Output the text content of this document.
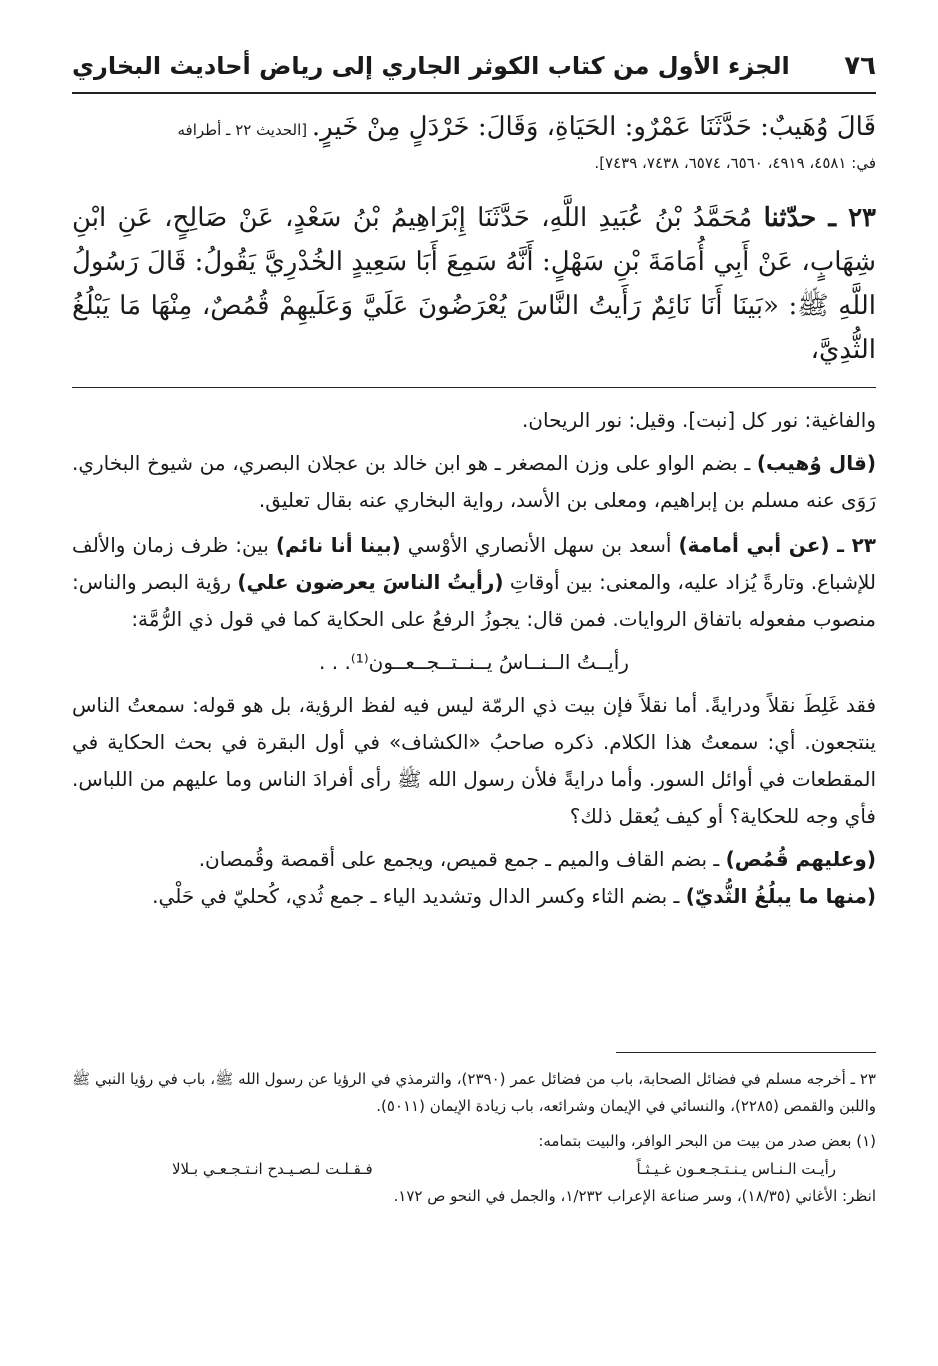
٧٦
الجزء الأول من كتاب الكوثر الجاري إلى رياض أحاديث البخاري
قَالَ وُهَيبٌ: حَدَّثَنَا عَمْرٌو: الحَيَاةِ، وَقَالَ: خَرْدَلٍ مِنْ خَيرٍ. [الحديث ٢٢ ـ أطرافه
في: ٤٥٨١، ٤٩١٩، ٦٥٦٠، ٦٥٧٤، ٧٤٣٨، ٧٤٣٩].
٢٣ ـ حدّثنا مُحَمَّدُ بْنُ عُبَيدِ اللَّهِ، حَدَّثَنَا إِبْرَاهِيمُ بْنُ سَعْدٍ، عَنْ صَالِحٍ، عَنِ ابْنِ شِهَابٍ، عَنْ أَبِي أُمَامَةَ بْنِ سَهْلٍ: أَنَّهُ سَمِعَ أَبَا سَعِيدٍ الخُدْرِيَّ يَقُولُ: قَالَ رَسُولُ اللَّهِ ﷺ: «بَينَا أَنَا نَائِمٌ رَأَيتُ النَّاسَ يُعْرَضُونَ عَلَيَّ وَعَلَيهِمْ قُمُصٌ، مِنْهَا مَا يَبْلُغُ الثُّدِيَّ،

والفاغية: نور كل [نبت]. وقيل: نور الريحان.

(قال وُهيب) ـ بضم الواو على وزن المصغر ـ هو ابن خالد بن عجلان البصري، من شيوخ البخاري. رَوَى عنه مسلم بن إبراهيم، ومعلى بن الأسد، رواية البخاري عنه بقال تعليق.

٢٣ ـ (عن أبي أمامة) أسعد بن سهل الأنصاري الأوْسي (بينا أنا نائم) بين: ظرف زمان والألف للإشباع. وتارةً يُزاد عليه، والمعنى: بين أوقاتِ (رأيتُ الناسَ يعرضون علي) رؤية البصر والناس: منصوب مفعوله باتفاق الروايات. فمن قال: يجوزُ الرفعُ على الحكاية كما في قول ذي الرُّمَّة:

رأيــتُ الــنــاسُ يــنــتــجــعــون⁽¹⁾. . .

فقد غَلِطَ نقلاً ودرايةً. أما نقلاً فإن بيت ذي الرمّة ليس فيه لفظ الرؤية، بل هو قوله: سمعتُ الناس ينتجعون. أي: سمعتُ هذا الكلام. ذكره صاحبُ «الكشاف» في أول البقرة في بحث الحكاية في المقطعات في أوائل السور. وأما درايةً فلأن رسول الله ﷺ رأى أفرادَ الناس وما عليهم من اللباس. فأي وجه للحكاية؟ أو كيف يُعقل ذلك؟

(وعليهم قُمُص) ـ بضم القاف والميم ـ جمع قميص، ويجمع على أقمصة وقُمصان.

(منها ما يبلُغُ الثُّديّ) ـ بضم الثاء وكسر الدال وتشديد الياء ـ جمع ثُدي، كُحليّ في حَلْي.

٢٣ ـ أخرجه مسلم في فضائل الصحابة، باب من فضائل عمر (٢٣٩٠)، والترمذي في الرؤيا عن رسول الله ﷺ، باب في رؤيا النبي ﷺ واللبن والقمص (٢٢٨٥)، والنسائي في الإيمان وشرائعه، باب زيادة الإيمان (٥٠١١).

(١) بعض صدر من بيت من البحر الوافر، والبيت بتمامه:

رأيـت الـنـاس يـنـتـجـعـون غـيـثـاً
فـقـلـت لـصـيـدح انـتـجـعـي بـلالا

انظر: الأغاني (١٨/٣٥)، وسر صناعة الإعراب ١/٢٣٢، والجمل في النحو ص ١٧٢.
